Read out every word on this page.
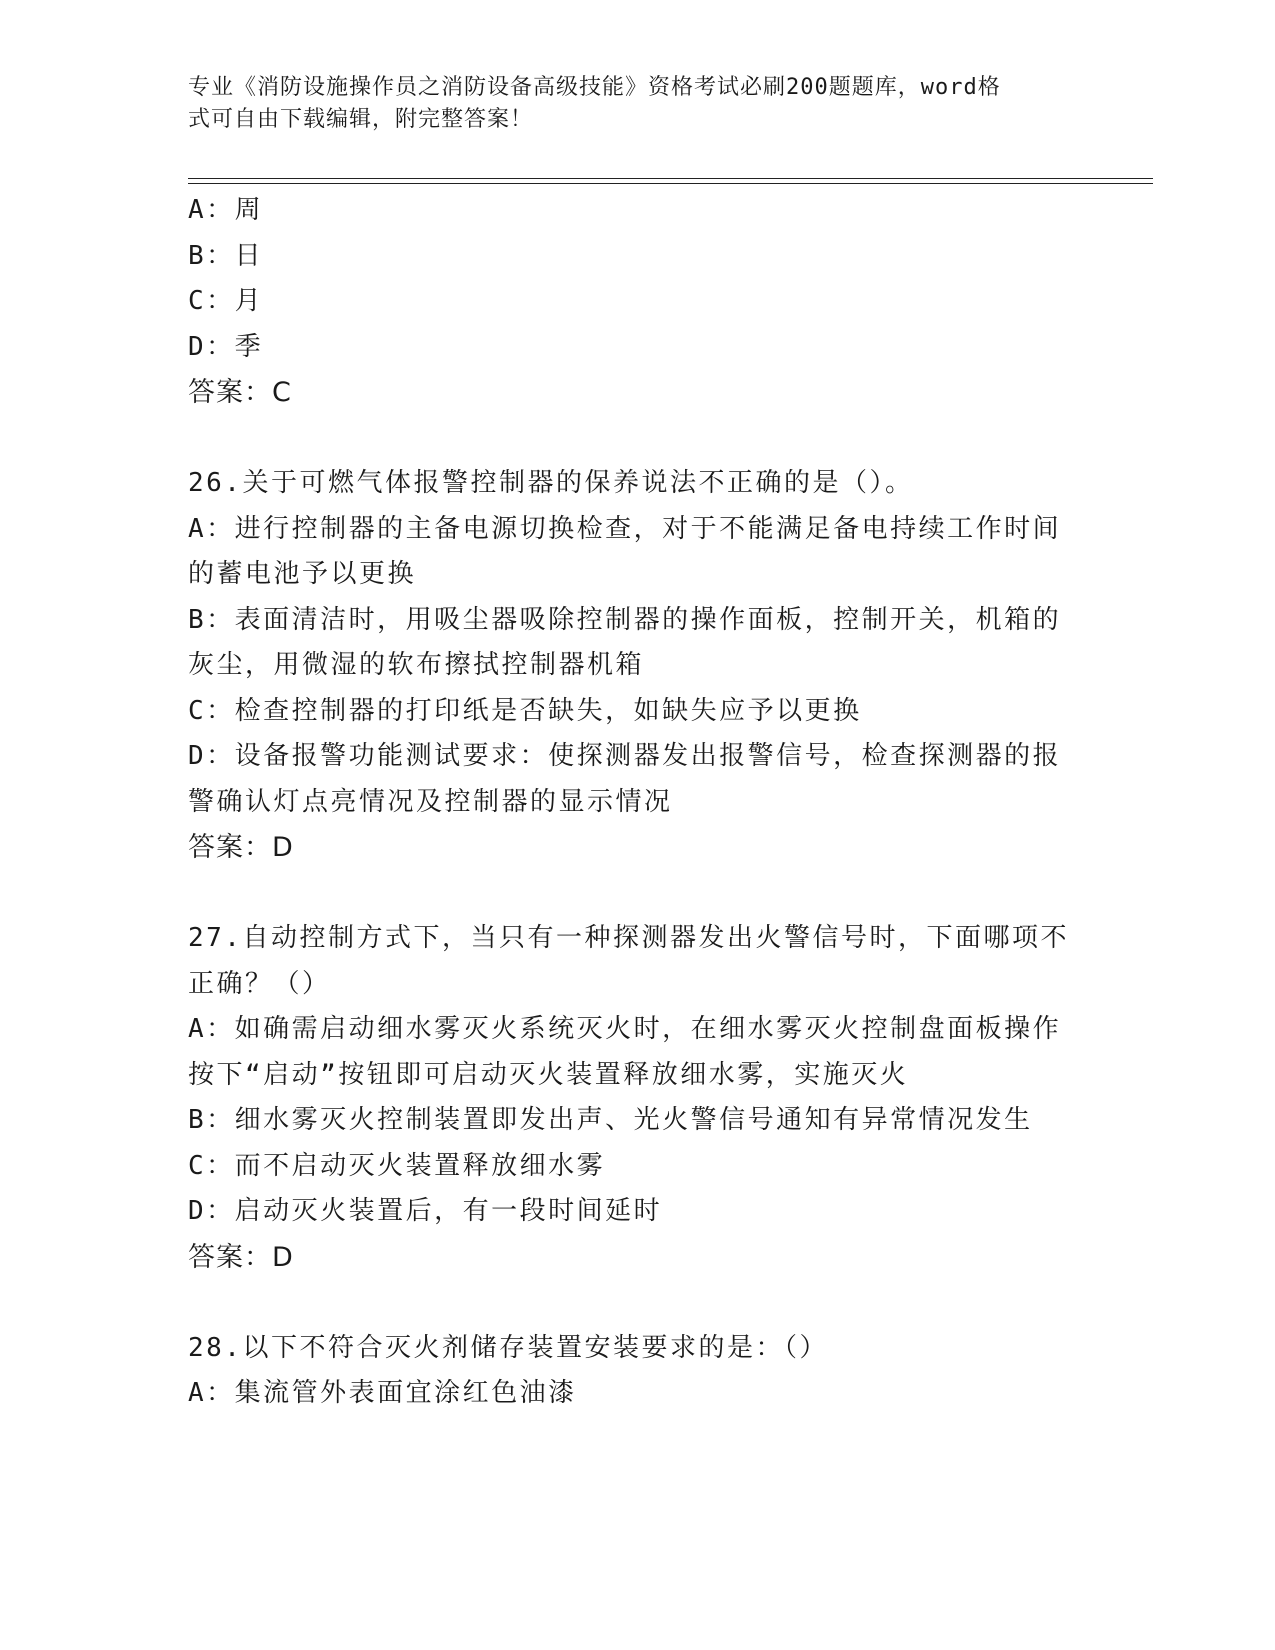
专业《消防设施操作员之消防设备高级技能》资格考试必刷200题题库，word格
式可自由下载编辑，附完整答案！
A：周
B：日
C：月
D：季
答案：C
26.关于可燃气体报警控制器的保养说法不正确的是（）。
A：进行控制器的主备电源切换检查，对于不能满足备电持续工作时间
的蓄电池予以更换
B：表面清洁时，用吸尘器吸除控制器的操作面板，控制开关，机箱的
灰尘，用微湿的软布擦拭控制器机箱
C：检查控制器的打印纸是否缺失，如缺失应予以更换
D：设备报警功能测试要求：使探测器发出报警信号，检查探测器的报
警确认灯点亮情况及控制器的显示情况
答案：D
27.自动控制方式下，当只有一种探测器发出火警信号时，下面哪项不
正确？（）
A：如确需启动细水雾灭火系统灭火时，在细水雾灭火控制盘面板操作
按下“启动”按钮即可启动灭火装置释放细水雾，实施灭火
B：细水雾灭火控制装置即发出声、光火警信号通知有异常情况发生
C：而不启动灭火装置释放细水雾
D：启动灭火装置后，有一段时间延时
答案：D
28.以下不符合灭火剂储存装置安装要求的是：（）
A：集流管外表面宜涂红色油漆
